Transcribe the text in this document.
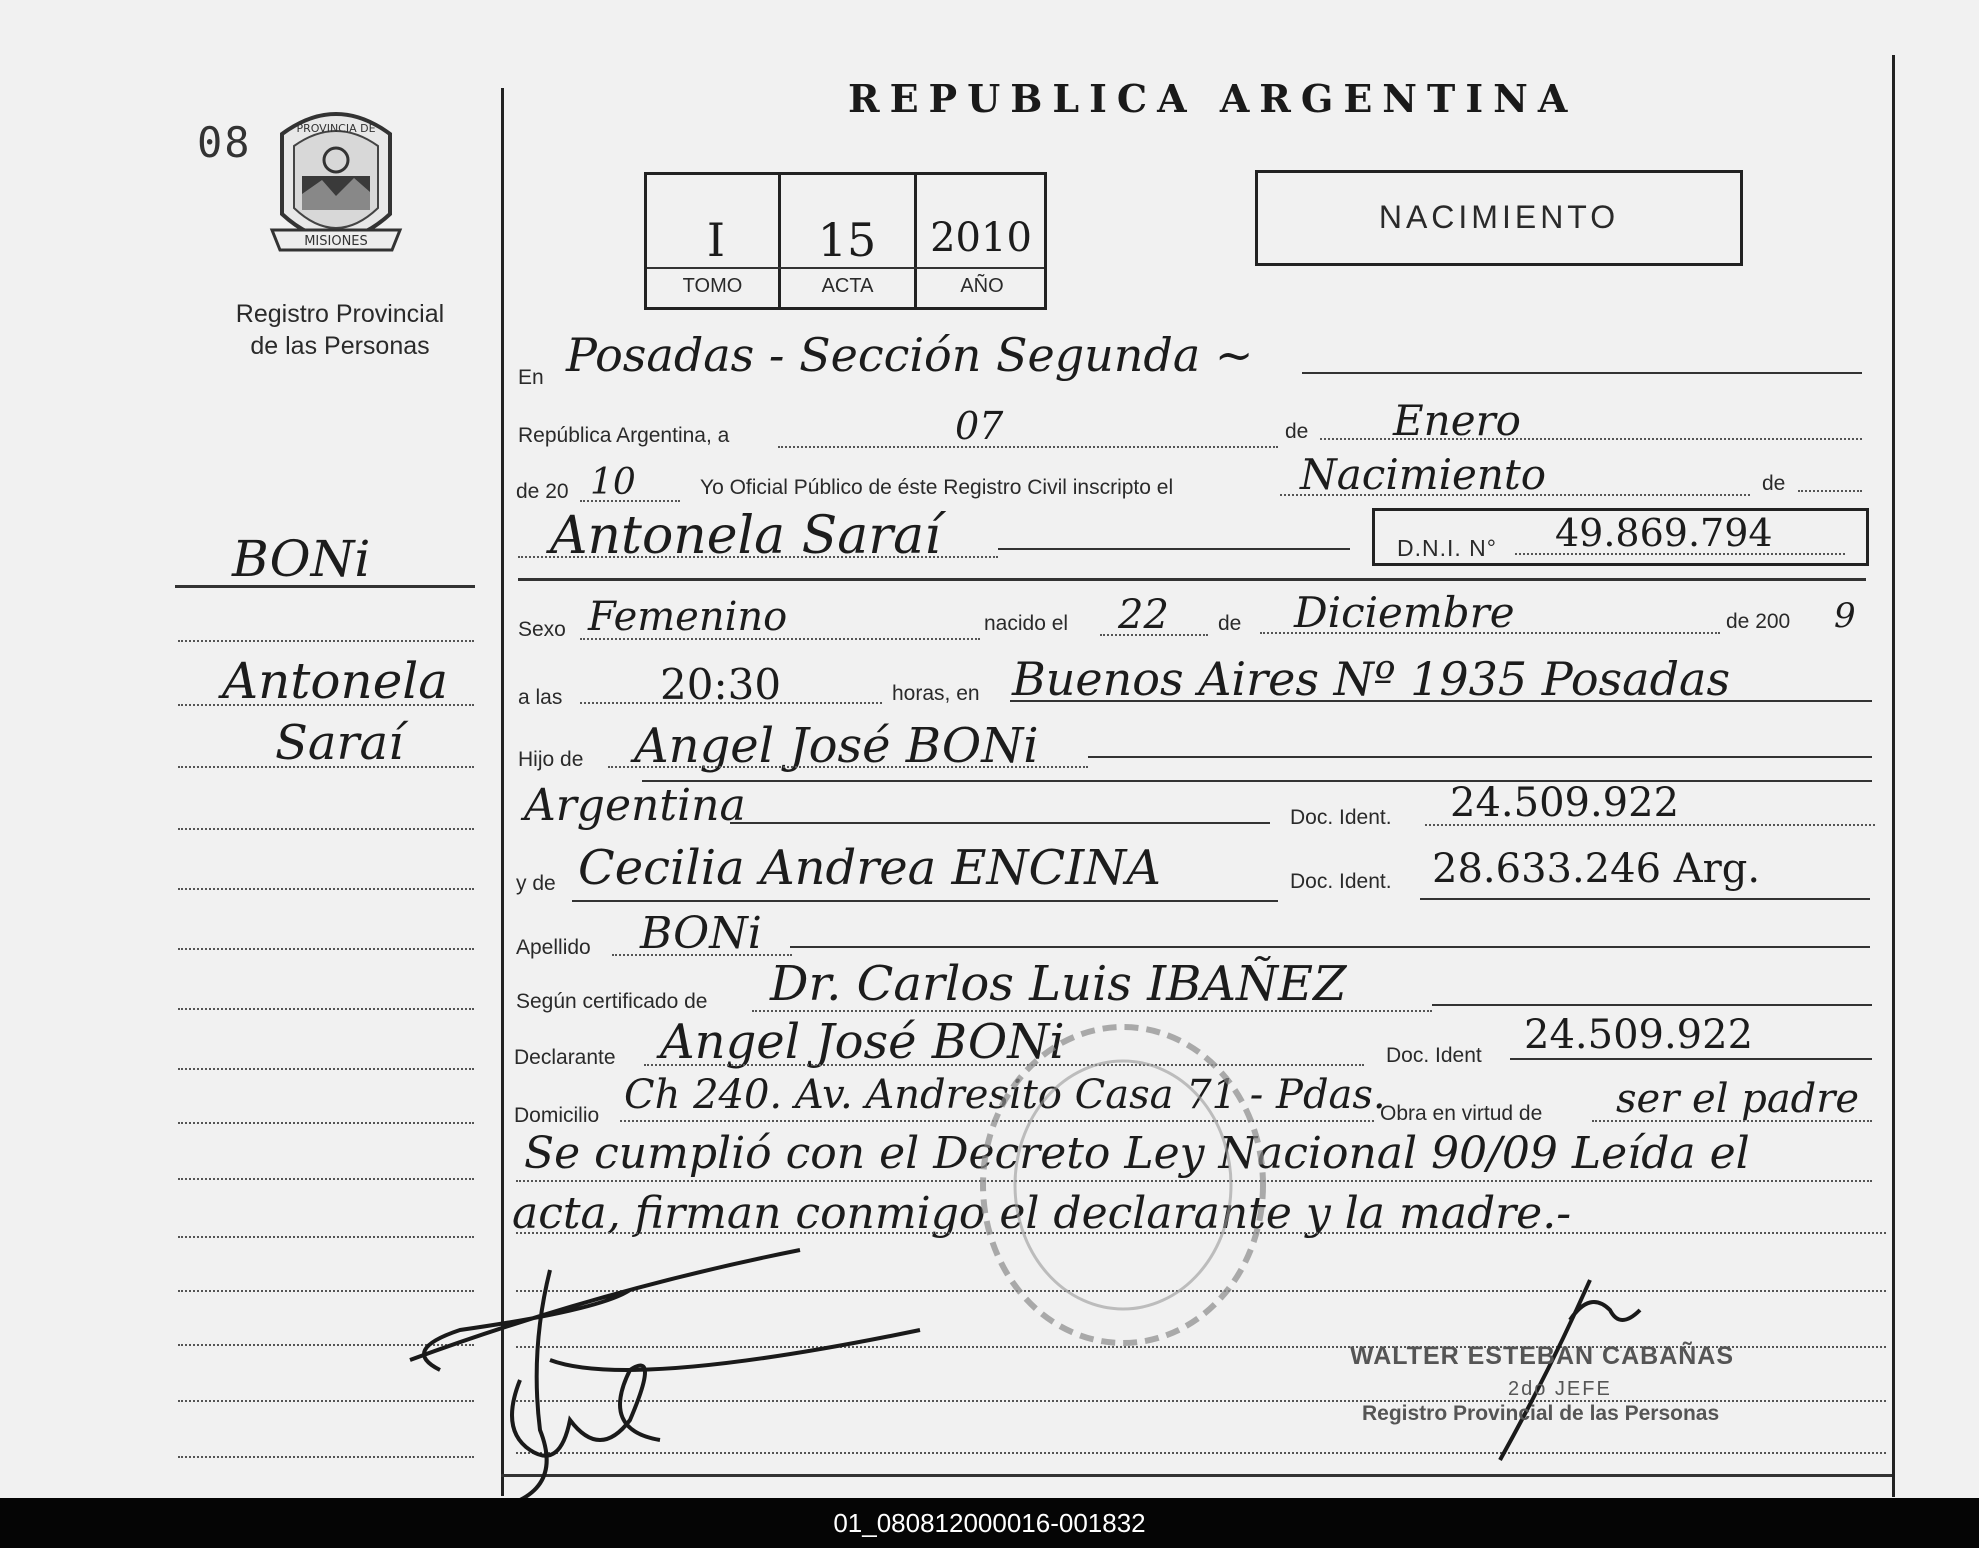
08	PROVINCIA DE
MISIONES
Registro Provincial
de las Personas
BONi
Antonela
Saraí
REPUBLICA ARGENTINA
I	15	2010
TOMO	ACTA	AÑO
NACIMIENTO
En Posadas - Sección Segunda ~
República Argentina, a	07	de Enero
de 20 10	Yo Oficial Público de éste Registro Civil inscripto el	Nacimiento	de
Antonela Saraí	D.N.I. N° 49.869.794
Sexo Femenino	nacido el 22 de Diciembre	de 200 9
a las 20:30	horas, en Buenos Aires Nº 1935 Posadas
Hijo de Angel José BONi
Argentina	Doc. Ident. 24.509.922
y de Cecilia Andrea ENCINA	Doc. Ident. 28.633.246 Arg.
Apellido BONi
Según certificado de Dr. Carlos Luis IBAÑEZ
Declarante Angel José BONi	Doc. Ident 24.509.922
Domicilio Ch 240. Av. Andresito Casa 71 - Pdas.
Obra en virtud de ser el padre
Se cumplió con el Decreto Ley Nacional 90/09 Leída el
acta, firman conmigo el declarante y la madre.-
WALTER ESTEBAN CABAÑAS
2do JEFE
Registro Provincial de las Personas
01_080812000016-001832
